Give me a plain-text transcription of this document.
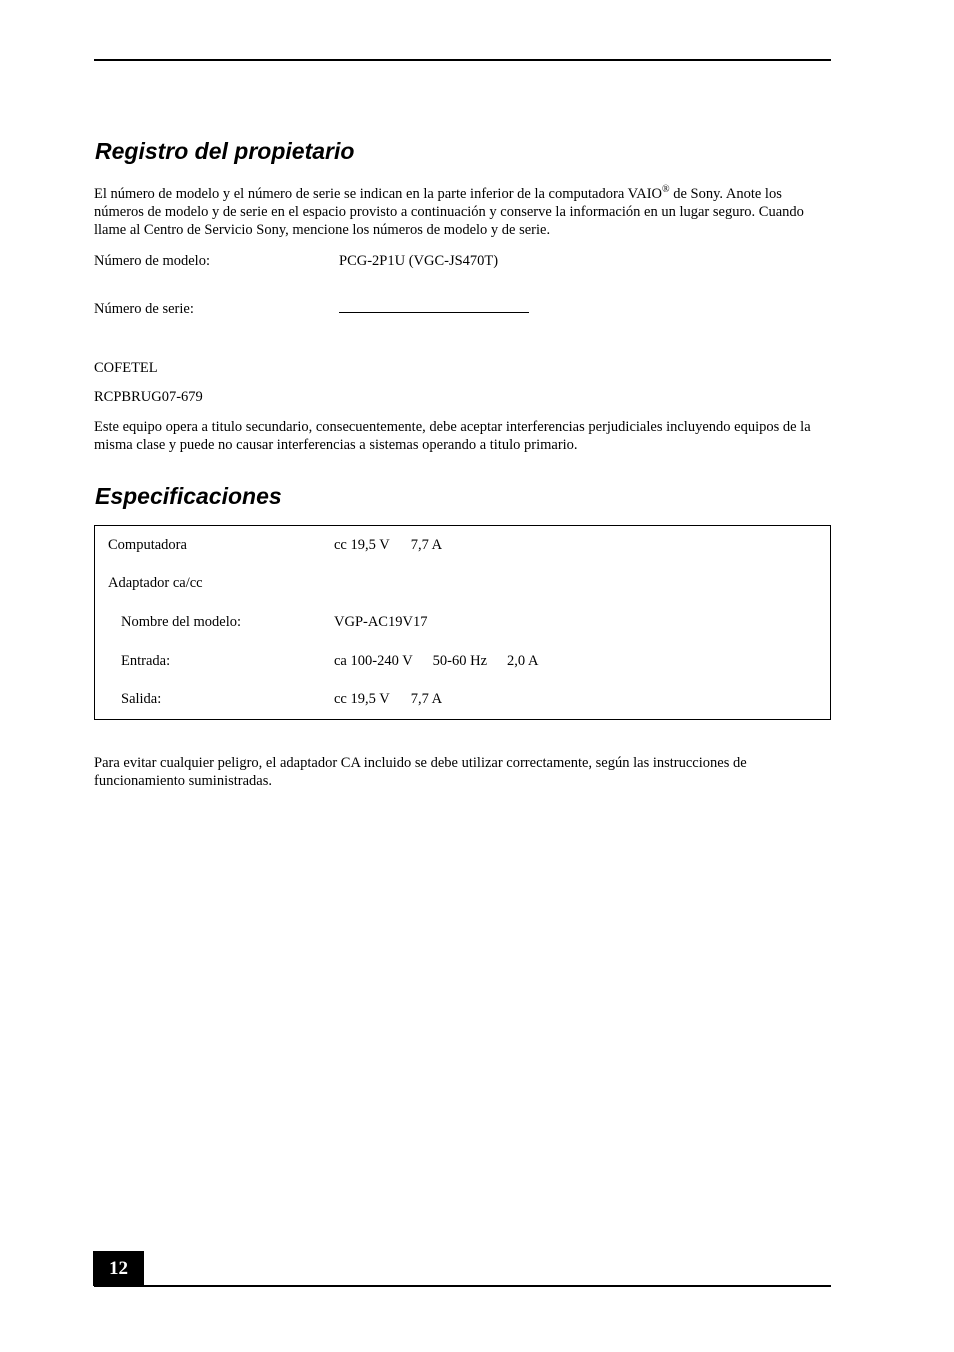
Registro del propietario

El número de modelo y el número de serie se indican en la parte inferior de la computadora VAIO® de Sony. Anote los números de modelo y de serie en el espacio provisto a continuación y conserve la información en un lugar seguro. Cuando llame al Centro de Servicio Sony, mencione los números de modelo y de serie.

Número de modelo:	PCG-2P1U (VGC-JS470T)
Número de serie:

COFETEL

RCPBRUG07-679

Este equipo opera a titulo secundario, consecuentemente, debe aceptar interferencias perjudiciales incluyendo equipos de la misma clase y puede no causar interferencias a sistemas operando a titulo primario.

Especificaciones
Computadora	cc 19,5 V 7,7 A
Adaptador ca/cc
Nombre del modelo:	VGP-AC19V17
Entrada:	ca 100-240 V 50-60 Hz 2,0 A
Salida:	cc 19,5 V 7,7 A

Para evitar cualquier peligro, el adaptador CA incluido se debe utilizar correctamente, según las instrucciones de funcionamiento suministradas.

12
